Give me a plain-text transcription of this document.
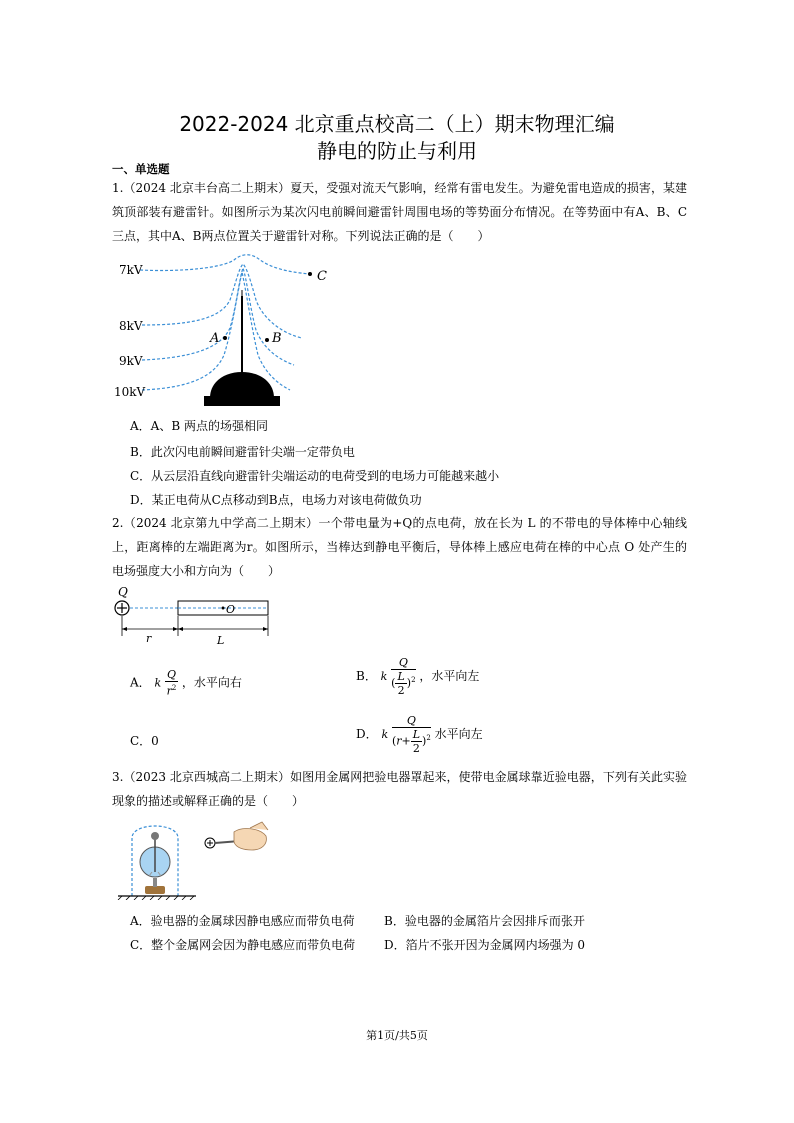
2022-2024 北京重点校高二（上）期末物理汇编
静电的防止与利用
一、单选题
1.（2024 北京丰台高二上期末）夏天，受强对流天气影响，经常有雷电发生。为避免雷电造成的损害，某建筑顶部装有避雷针。如图所示为某次闪电前瞬间避雷针周围电场的等势面分布情况。在等势面中有A、B、C三点，其中A、B两点位置关于避雷针对称。下列说法正确的是（　　）
7kV
8kV
9kV
10kV
C
A	B
A．A、B 两点的场强相同
B．此次闪电前瞬间避雷针尖端一定带负电
C．从云层沿直线向避雷针尖端运动的电荷受到的电场力可能越来越小
D．某正电荷从C点移动到B点，电场力对该电荷做负功
2.（2024 北京第九中学高二上期末）一个带电量为+Q的点电荷，放在长为 L 的不带电的导体棒中心轴线上，距离棒的左端距离为r。如图所示，当棒达到静电平衡后，导体棒上感应电荷在棒的中心点 O 处产生的电场强度大小和方向为（　　）
Q
O
r	L
A． k $\frac{Q}{r^2}$ ，水平向右	B． k $\frac{Q}{( \frac{L}{2} )^2}$ ，水平向左
C．0	D． k $\frac{Q}{(r+ \frac{L}{2} )^2}$ 水平向左
3.（2023 北京西城高二上期末）如图用金属网把验电器罩起来，使带电金属球靠近验电器，下列有关此实验现象的描述或解释正确的是（　　）
A．验电器的金属球因静电感应而带负电荷 B．验电器的金属箔片会因排斥而张开
C．整个金属网会因为静电感应而带负电荷 D．箔片不张开因为金属网内场强为 0
第1页/共5页
